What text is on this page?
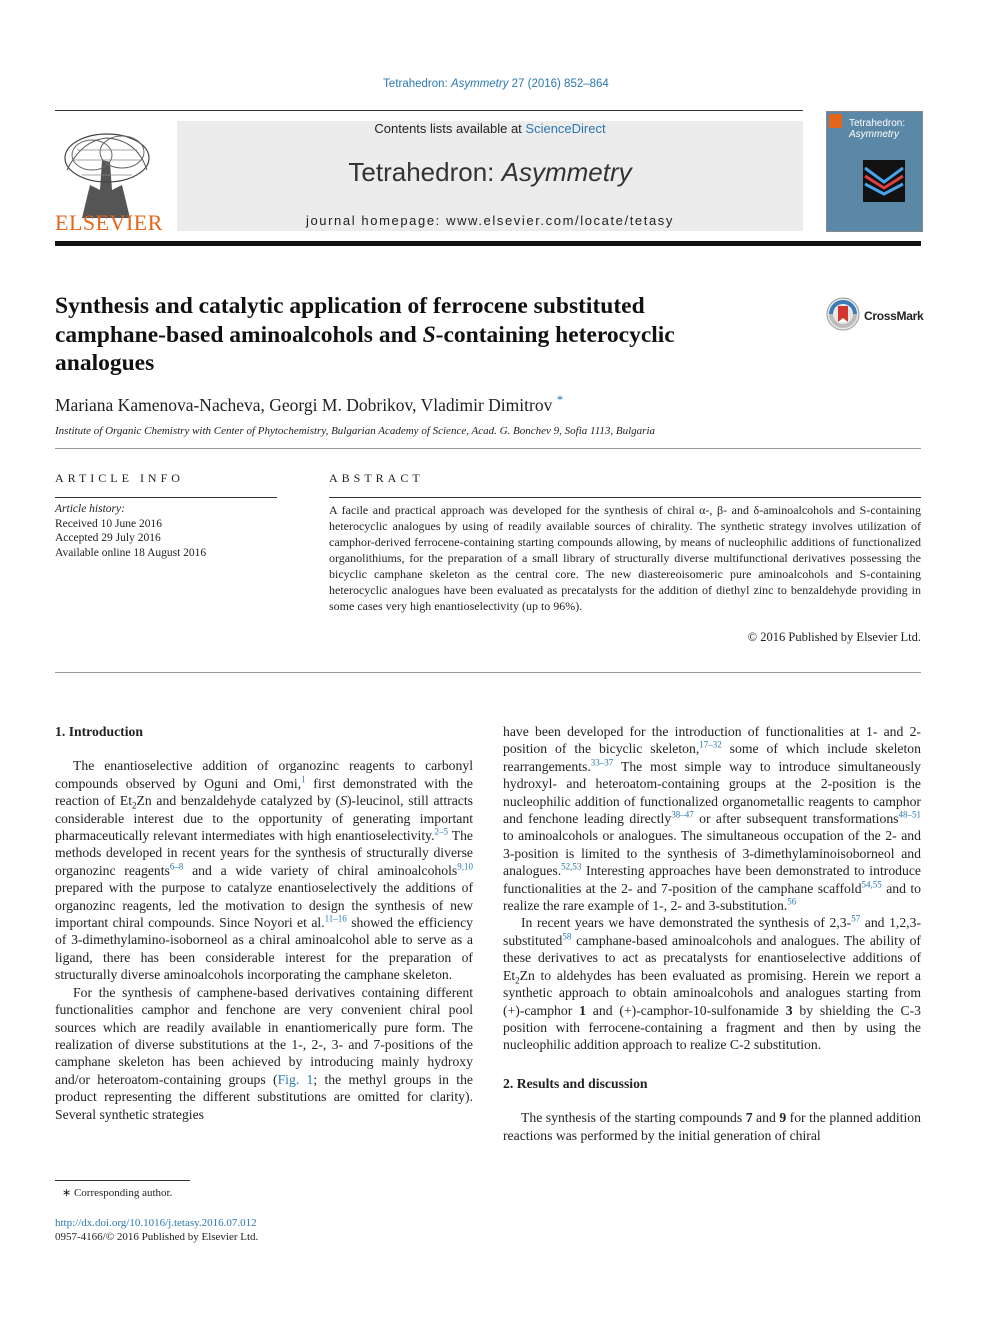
Tetrahedron: Asymmetry 27 (2016) 852–864
ELSEVIER
Contents lists available at ScienceDirect
Tetrahedron: Asymmetry
journal homepage: www.elsevier.com/locate/tetasy
Tetrahedron:
Asymmetry
Synthesis and catalytic application of ferrocene substituted camphane-based aminoalcohols and S-containing heterocyclic analogues
CrossMark
Mariana Kamenova-Nacheva, Georgi M. Dobrikov, Vladimir Dimitrov *
Institute of Organic Chemistry with Center of Phytochemistry, Bulgarian Academy of Science, Acad. G. Bonchev 9, Sofia 1113, Bulgaria
ARTICLE INFO
Article history:
Received 10 June 2016
Accepted 29 July 2016
Available online 18 August 2016
ABSTRACT
A facile and practical approach was developed for the synthesis of chiral α-, β- and δ-aminoalcohols and S-containing heterocyclic analogues by using of readily available sources of chirality. The synthetic strategy involves utilization of camphor-derived ferrocene-containing starting compounds allowing, by means of nucleophilic additions of functionalized organolithiums, for the preparation of a small library of structurally diverse multifunctional derivatives possessing the bicyclic camphane skeleton as the central core. The new diastereoisomeric pure aminoalcohols and S-containing heterocyclic analogues have been evaluated as precatalysts for the addition of diethyl zinc to benzaldehyde providing in some cases very high enantioselectivity (up to 96%).
© 2016 Published by Elsevier Ltd.
1. Introduction

The enantioselective addition of organozinc reagents to carbonyl compounds observed by Oguni and Omi,$^1$ first demonstrated with the reaction of $Et_2Zn$ and benzaldehyde catalyzed by (S)-leucinol, still attracts considerable interest due to the opportunity of generating important pharmaceutically relevant intermediates with high enantioselectivity.$^{2-5}$ The methods developed in recent years for the synthesis of structurally diverse organozinc reagents$^{6-8}$ and a wide variety of chiral aminoalcohols$^{9,10}$ prepared with the purpose to catalyze enantioselectively the additions of organozinc reagents, led the motivation to design the synthesis of new important chiral compounds. Since Noyori et al.$^{11-16}$ showed the efficiency of 3-dimethylamino-isoborneol as a chiral aminoalcohol able to serve as a ligand, there has been considerable interest for the preparation of structurally diverse aminoalcohols incorporating the camphane skeleton.

For the synthesis of camphene-based derivatives containing different functionalities camphor and fenchone are very convenient chiral pool sources which are readily available in enantiomerically pure form. The realization of diverse substitutions at the 1-, 2-, 3- and 7-positions of the camphane skeleton has been achieved by introducing mainly hydroxy and/or heteroatom-containing groups (Fig. 1; the methyl groups in the product representing the different substitutions are omitted for clarity). Several synthetic strategies

have been developed for the introduction of functionalities at 1- and 2-position of the bicyclic skeleton,$^{17-32}$ some of which include skeleton rearrangements.$^{33-37}$ The most simple way to introduce simultaneously hydroxyl- and heteroatom-containing groups at the 2-position is the nucleophilic addition of functionalized organometallic reagents to camphor and fenchone leading directly$^{38-47}$ or after subsequent transformations$^{48-51}$ to aminoalcohols or analogues. The simultaneous occupation of the 2- and 3-position is limited to the synthesis of 3-dimethylaminoisoborneol and analogues.$^{52,53}$ Interesting approaches have been demonstrated to introduce functionalities at the 2- and 7-position of the camphane scaffold$^{54,55}$ and to realize the rare example of 1-, 2- and 3-substitution.$^{56}$

In recent years we have demonstrated the synthesis of 2,3-$^{57}$ and 1,2,3-substituted$^{58}$ camphane-based aminoalcohols and analogues. The ability of these derivatives to act as precatalysts for enantioselective additions of $Et_2Zn$ to aldehydes has been evaluated as promising. Herein we report a synthetic approach to obtain aminoalcohols and analogues starting from (+)-camphor 1 and (+)-camphor-10-sulfonamide 3 by shielding the C-3 position with ferrocene-containing a fragment and then by using the nucleophilic addition approach to realize C-2 substitution.

2. Results and discussion

The synthesis of the starting compounds 7 and 9 for the planned addition reactions was performed by the initial generation of chiral

∗ Corresponding author.
http://dx.doi.org/10.1016/j.tetasy.2016.07.012
0957-4166/© 2016 Published by Elsevier Ltd.
